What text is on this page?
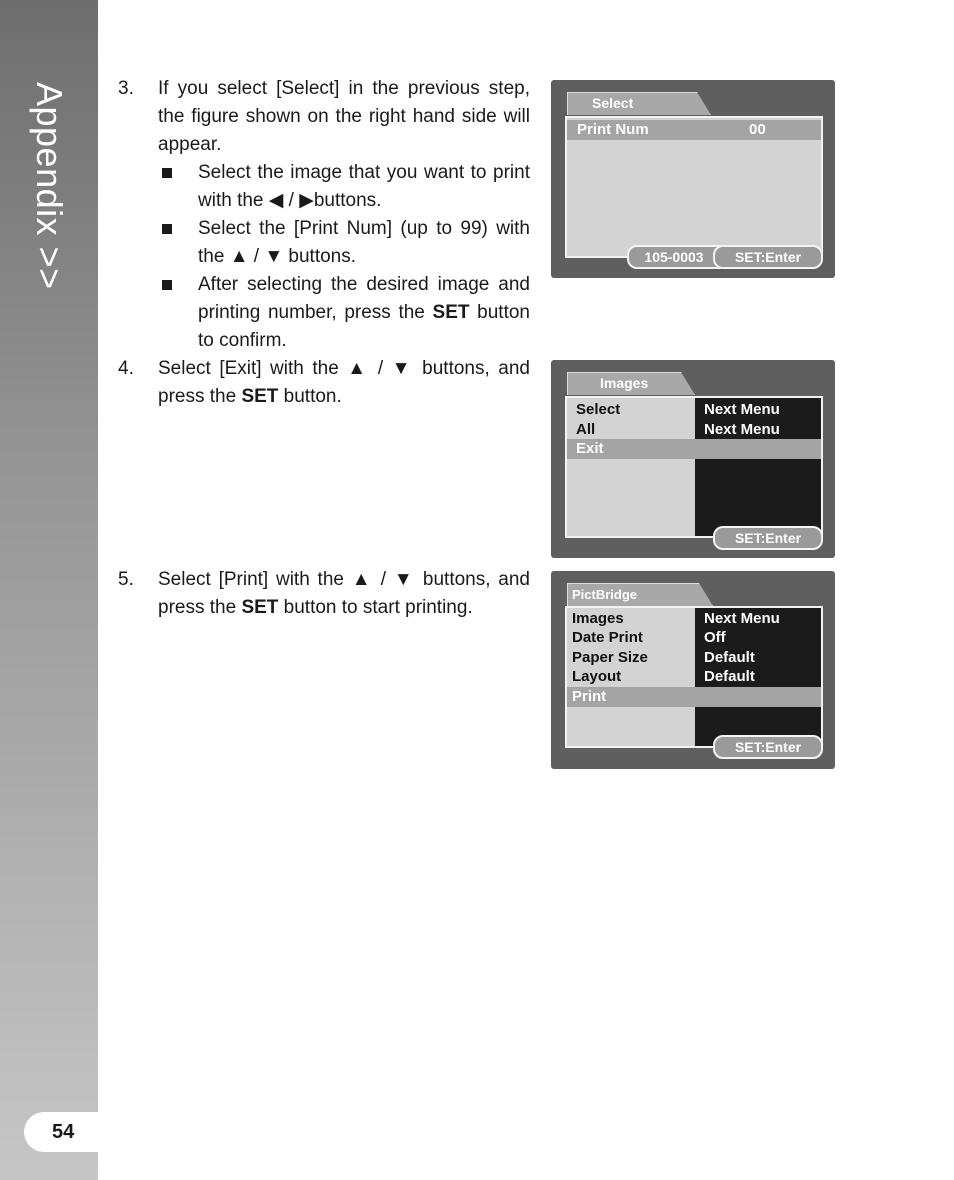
Appendix >>
54
3. If you select [Select] in the previous step, the figure shown on the right hand side will appear.

Select the image that you want to print with the ◀ / ▶buttons.
Select the [Print Num] (up to 99) with the ▲ / ▼ buttons.
After selecting the desired image and printing number, press the SET button to confirm.
4. Select [Exit] with the ▲ / ▼ buttons, and press the SET button.

5. Select [Print] with the ▲ / ▼ buttons, and press the SET button to start printing.

Select
Print Num	00
105-0003	SET:Enter
Images
Select	Next Menu
All	Next Menu
Exit
SET:Enter
PictBridge
Images	Next Menu
Date Print	Off
Paper Size	Default
Layout	Default
Print
SET:Enter
